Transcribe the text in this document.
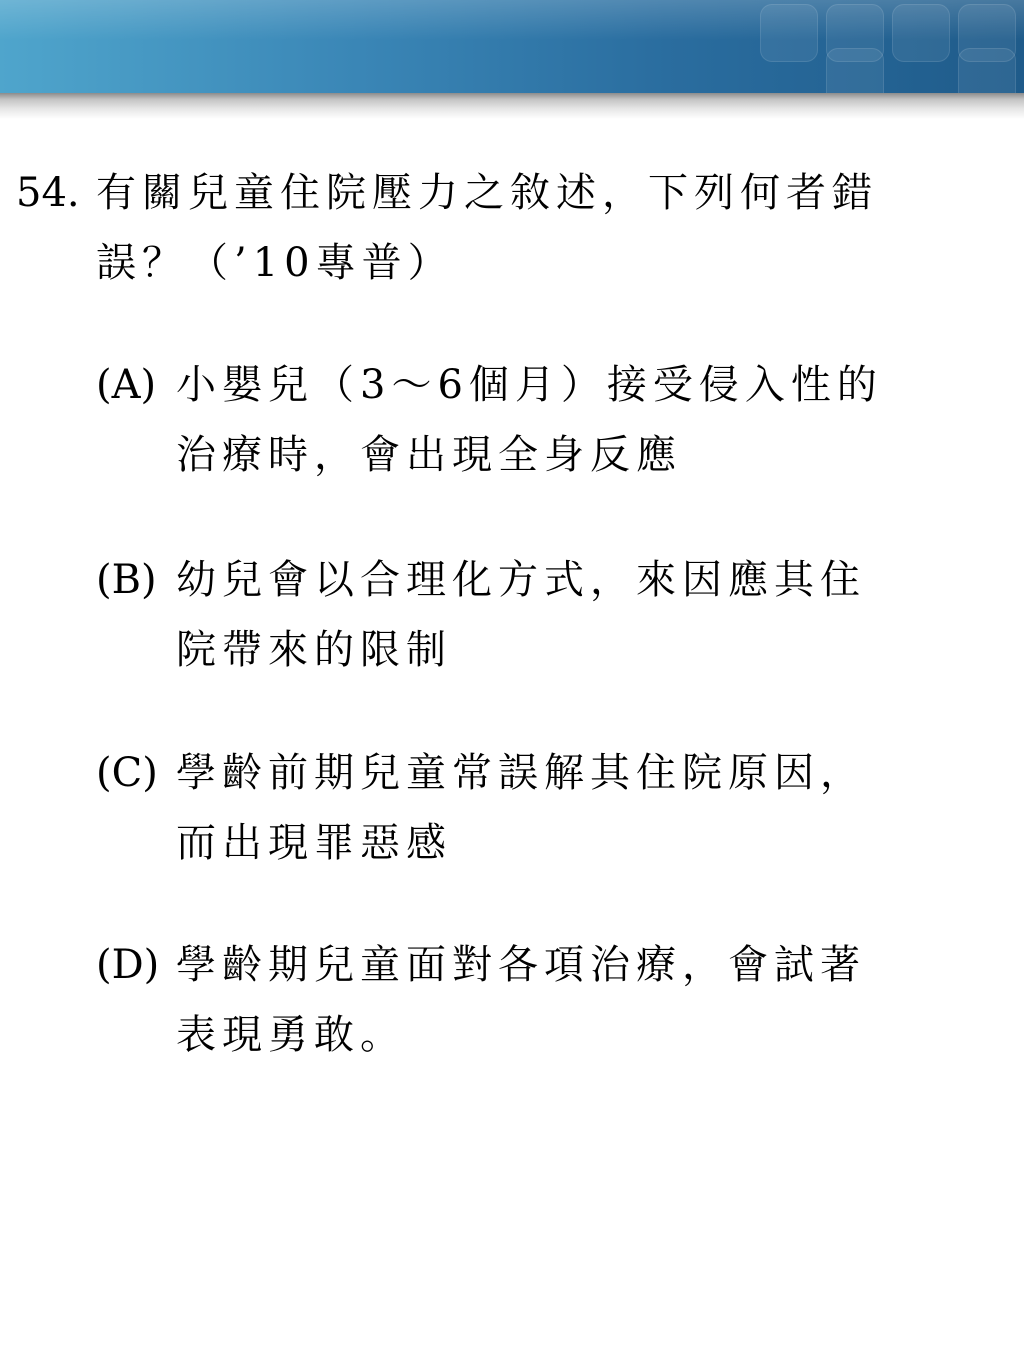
54. 有關兒童住院壓力之敘述，下列何者錯
誤？（’10專普）
(A) 小嬰兒（3～6個月）接受侵入性的
治療時，會出現全身反應
(B) 幼兒會以合理化方式，來因應其住
院帶來的限制
(C) 學齡前期兒童常誤解其住院原因，
而出現罪惡感
(D) 學齡期兒童面對各項治療，會試著
表現勇敢。
